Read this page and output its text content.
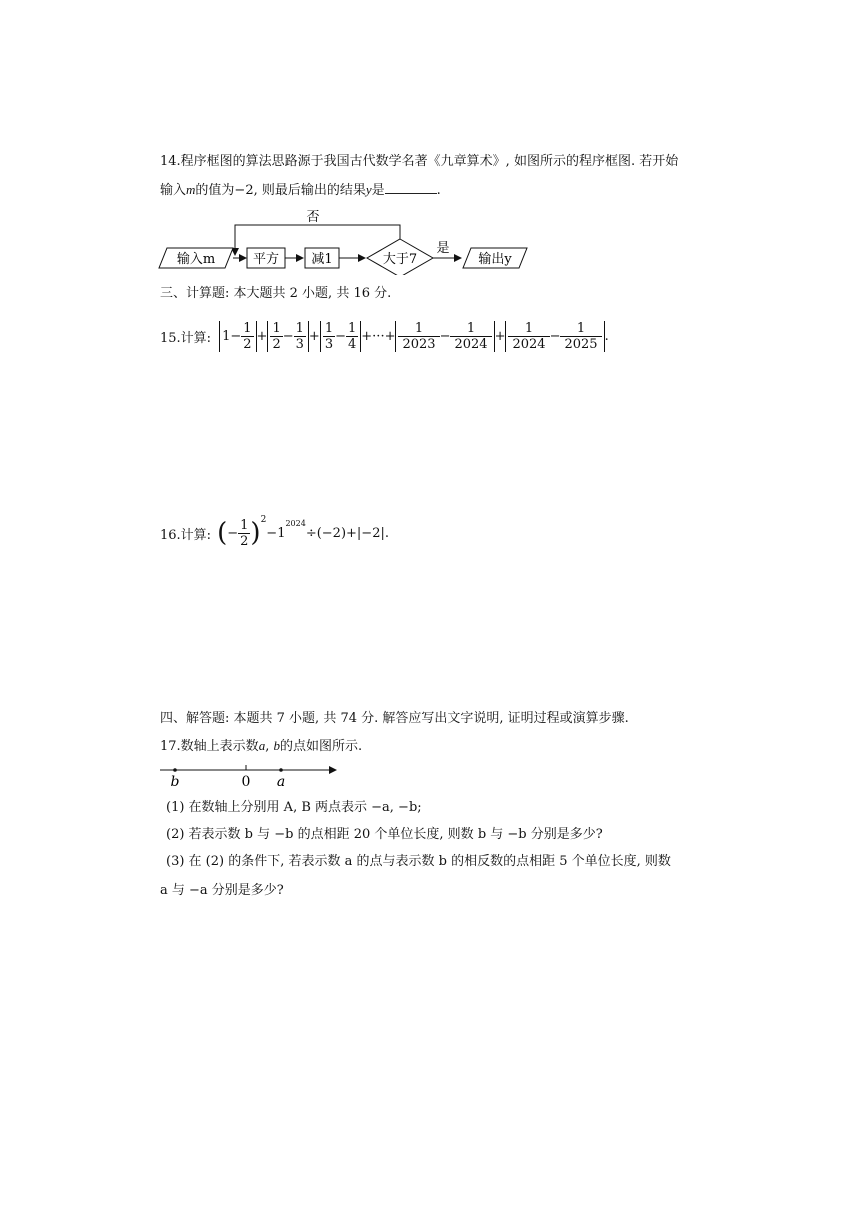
14.程序框图的算法思路源于我国古代数学名著《九章算术》, 如图所示的程序框图. 若开始
输入m的值为−2, 则最后输出的结果y是	.
否
输入m	平方 减1	大于7
是
输出y
三、计算题: 本大题共 2 小题, 共 16 分.
15.计算: $1- \frac{1}{2} + \frac{1}{2} - \frac{1}{3} + \frac{1}{3} - \frac{1}{4}$ +···+ $\frac{1}{2023} - \frac{1}{2024} + \frac{1}{2024} - \frac{1}{2025}$ .
16.计算: ( − $\frac{1}{2} )^2$
−1
$^{2024}$
÷(−2)+|−2| .
四、解答题: 本题共 7 小题, 共 74 分. 解答应写出文字说明, 证明过程或演算步骤.
17.数轴上表示数a, b的点如图所示.
b	0 a
(1) 在数轴上分别用 A, B 两点表示 −a, −b;
(2) 若表示数 b 与 −b 的点相距 20 个单位长度, 则数 b 与 −b 分别是多少?
(3) 在 (2) 的条件下, 若表示数 a 的点与表示数 b 的相反数的点相距 5 个单位长度, 则数
a 与 −a 分别是多少?
